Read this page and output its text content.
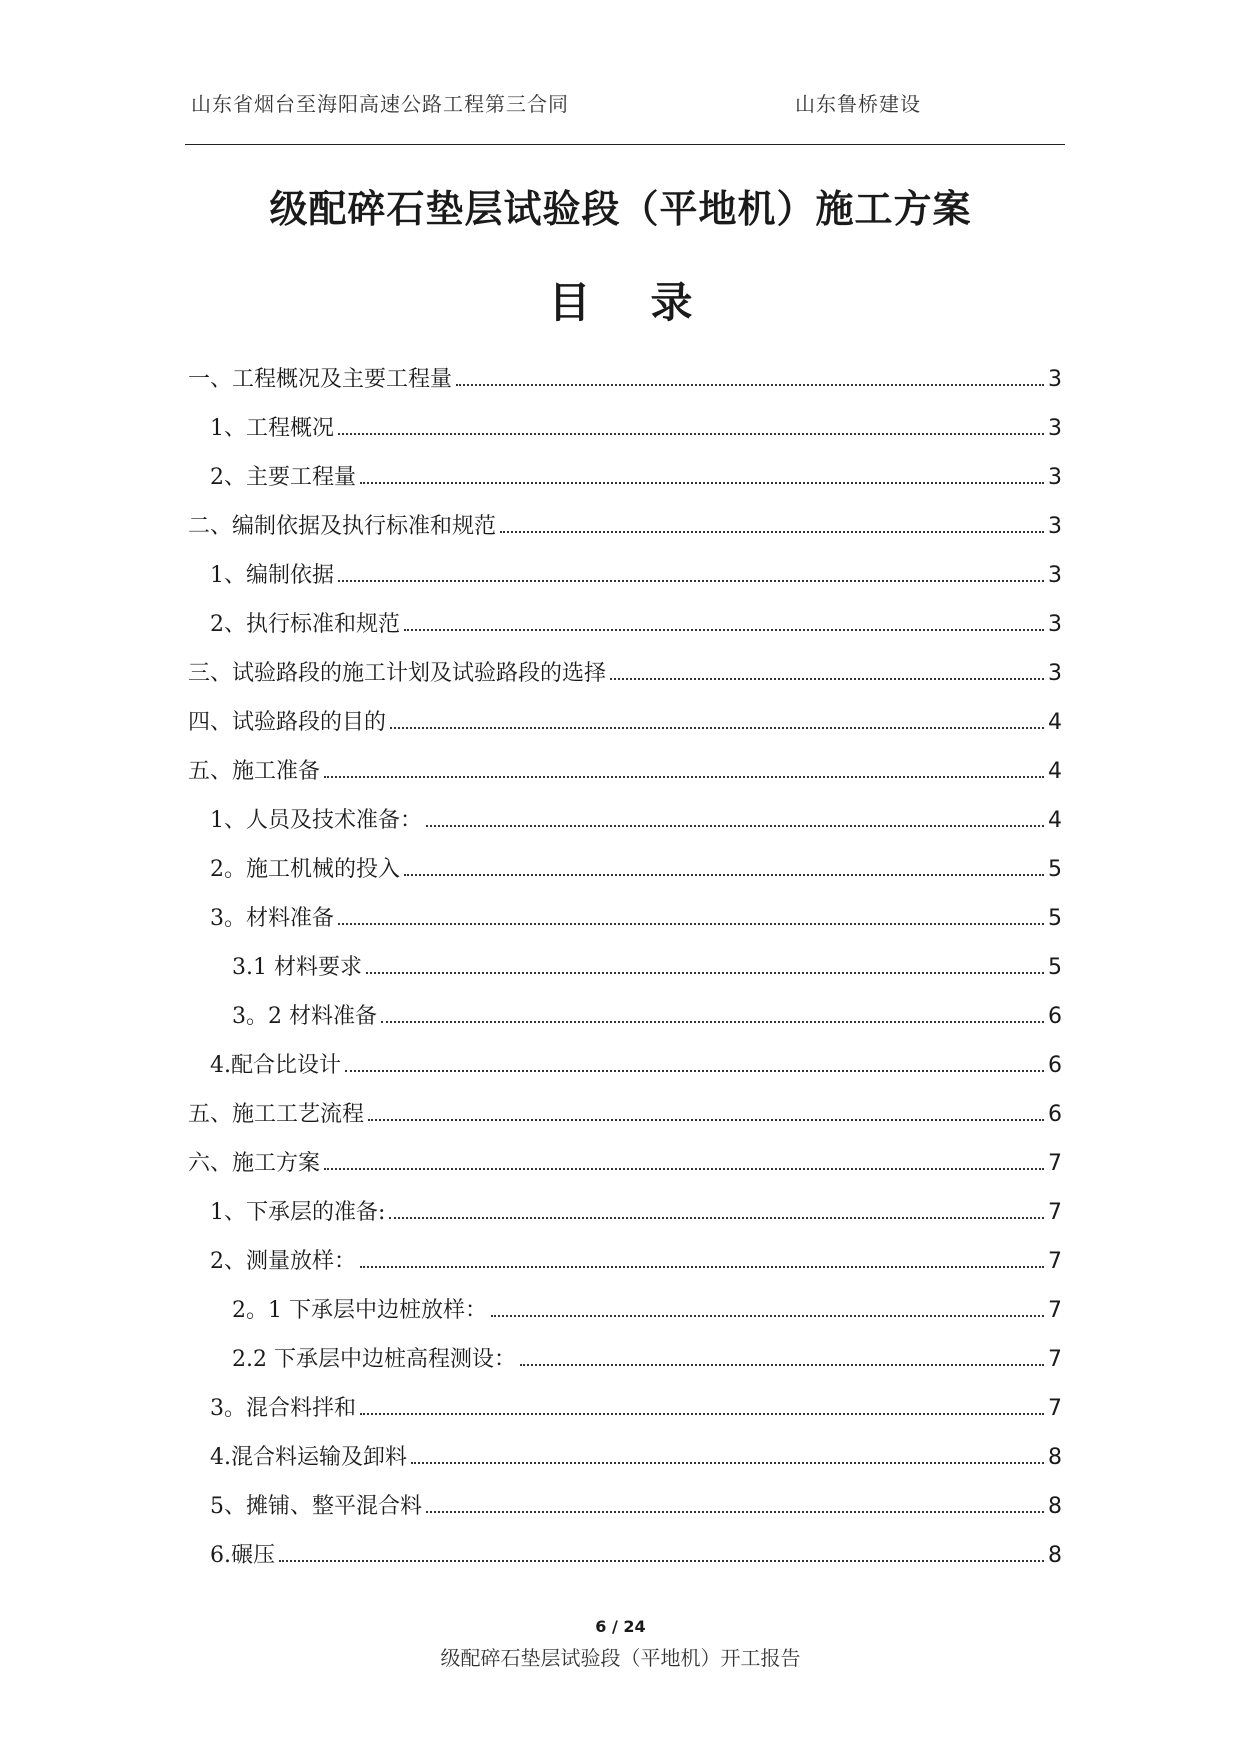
山东省烟台至海阳高速公路工程第三合同	山东鲁桥建设
级配碎石垫层试验段（平地机）施工方案
目录
一、工程概况及主要工程量	3
1、工程概况	3
2、主要工程量	3
二、编制依据及执行标准和规范	3
1、编制依据	3
2、执行标准和规范	3
三、试验路段的施工计划及试验路段的选择	3
四、试验路段的目的	4
五、施工准备	4
1、人员及技术准备：	4
2。施工机械的投入	5
3。材料准备	5
3.1 材料要求	5
3。2 材料准备	6
4.配合比设计	6
五、施工工艺流程	6
六、施工方案	7
1、下承层的准备:	7
2、测量放样：	7
2。1 下承层中边桩放样：	7
2.2 下承层中边桩高程测设：	7
3。混合料拌和	7
4.混合料运输及卸料	8
5、摊铺、整平混合料	8
6.碾压	8
6 / 24
级配碎石垫层试验段（平地机）开工报告
